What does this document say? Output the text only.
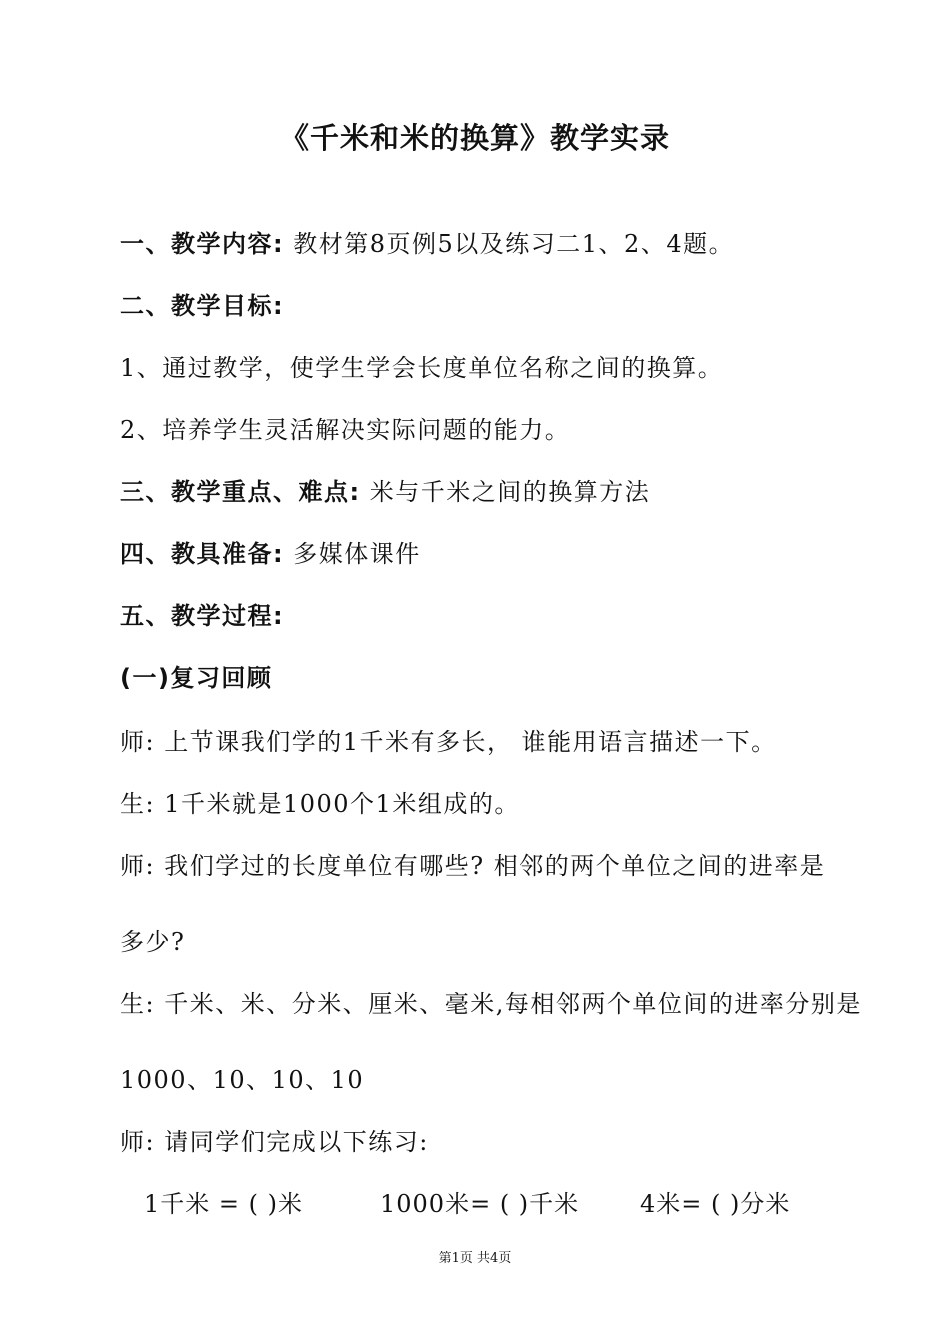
《千米和米的换算》教学实录
一、教学内容: 教材第8页例5以及练习二1、2、4题。
二、教学目标:
1、通过教学，使学生学会长度单位名称之间的换算。
2、培养学生灵活解决实际问题的能力。
三、教学重点、难点: 米与千米之间的换算方法
四、教具准备: 多媒体课件
五、教学过程:
(一)复习回顾
师: 上节课我们学的1千米有多长， 谁能用语言描述一下。
生: 1千米就是1000个1米组成的。
师: 我们学过的长度单位有哪些? 相邻的两个单位之间的进率是
多少?
生: 千米、米、分米、厘米、毫米,每相邻两个单位间的进率分别是
1000、10、10、10
师: 请同学们完成以下练习:
1千米 = ( )米	1000米= ( )千米	4米= ( )分米
第1页 共4页
